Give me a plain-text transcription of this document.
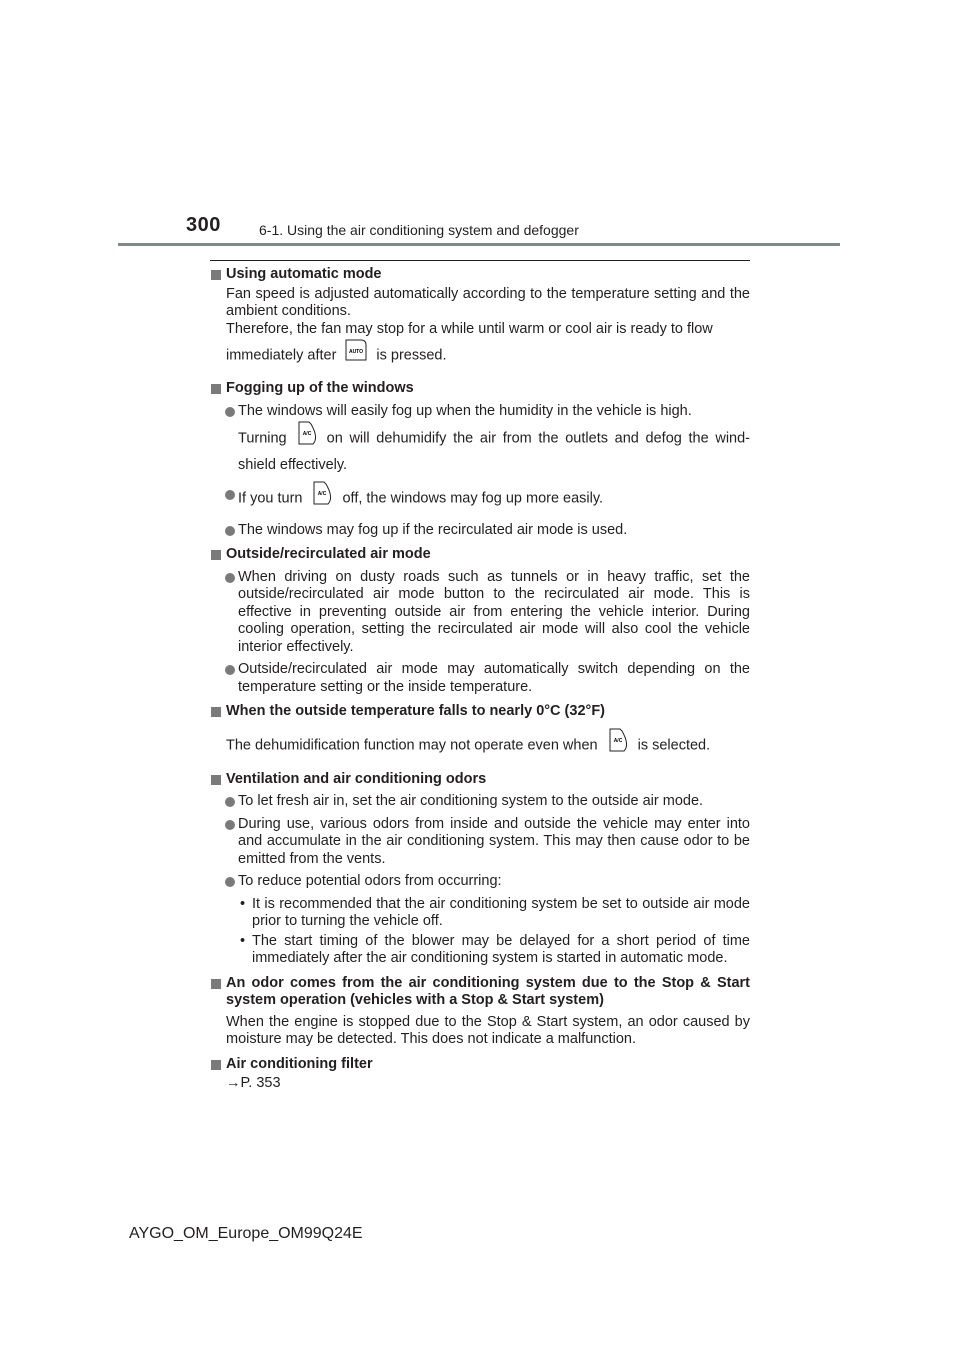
300	6-1. Using the air conditioning system and defogger
Using automatic mode
Fan speed is adjusted automatically according to the temperature setting and the ambient conditions.
Therefore, the fan may stop for a while until warm or cool air is ready to flow
immediately after	AUTO is pressed.
Fogging up of the windows
The windows will easily fog up when the humidity in the vehicle is high.
Turning	A/C on will dehumidify the air from the outlets and defog the wind-
shield effectively.
If you turn	A/C off, the windows may fog up more easily.
The windows may fog up if the recirculated air mode is used.
Outside/recirculated air mode
When driving on dusty roads such as tunnels or in heavy traffic, set the outside/recirculated air mode button to the recirculated air mode. This is effective in preventing outside air from entering the vehicle interior. During cooling operation, setting the recirculated air mode will also cool the vehicle interior effectively.
Outside/recirculated air mode may automatically switch depending on the temperature setting or the inside temperature.
When the outside temperature falls to nearly 0°C (32°F)
The dehumidification function may not operate even when	A/C is selected.
Ventilation and air conditioning odors
To let fresh air in, set the air conditioning system to the outside air mode.
During use, various odors from inside and outside the vehicle may enter into and accumulate in the air conditioning system. This may then cause odor to be emitted from the vents.
To reduce potential odors from occurring:
• It is recommended that the air conditioning system be set to outside air mode prior to turning the vehicle off.
• The start timing of the blower may be delayed for a short period of time immediately after the air conditioning system is started in automatic mode.
An odor comes from the air conditioning system due to the Stop & Start system operation (vehicles with a Stop & Start system)
When the engine is stopped due to the Stop & Start system, an odor caused by moisture may be detected. This does not indicate a malfunction.
Air conditioning filter
→P. 353
AYGO_OM_Europe_OM99Q24E
